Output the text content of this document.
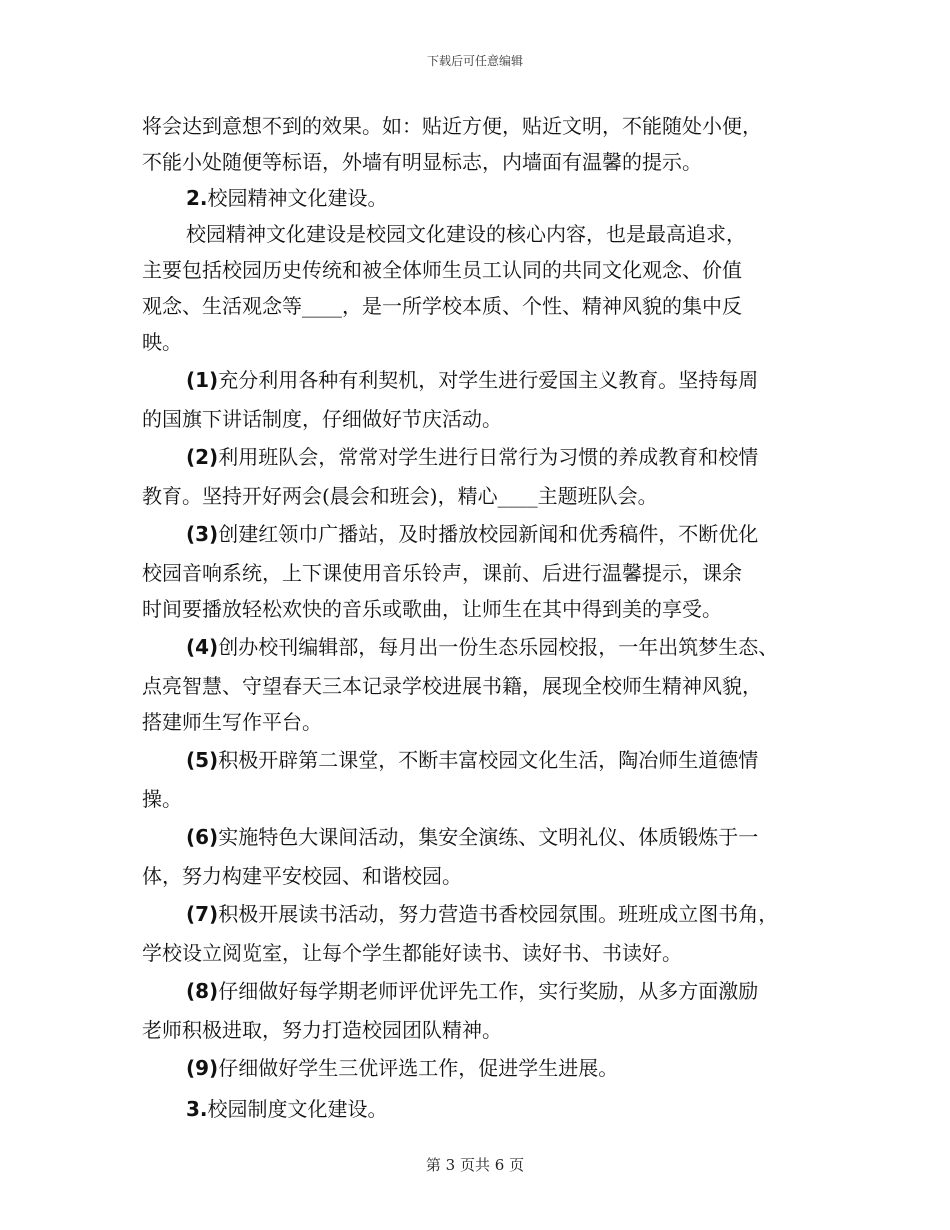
下载后可任意编辑
将会达到意想不到的效果。如：贴近方便，贴近文明，不能随处小便，
不能小处随便等标语，外墙有明显标志，内墙面有温馨的提示。
2.校园精神文化建设。
校园精神文化建设是校园文化建设的核心内容，也是最高追求，
主要包括校园历史传统和被全体师生员工认同的共同文化观念、价值
观念、生活观念等____，是一所学校本质、个性、精神风貌的集中反
映。
(1)充分利用各种有利契机，对学生进行爱国主义教育。坚持每周
的国旗下讲话制度，仔细做好节庆活动。
(2)利用班队会，常常对学生进行日常行为习惯的养成教育和校情
教育。坚持开好两会(晨会和班会)，精心____主题班队会。
(3)创建红领巾广播站，及时播放校园新闻和优秀稿件，不断优化
校园音响系统，上下课使用音乐铃声，课前、后进行温馨提示，课余
时间要播放轻松欢快的音乐或歌曲，让师生在其中得到美的享受。
(4)创办校刊编辑部，每月出一份生态乐园校报，一年出筑梦生态、
点亮智慧、守望春天三本记录学校进展书籍，展现全校师生精神风貌，
搭建师生写作平台。
(5)积极开辟第二课堂，不断丰富校园文化生活，陶冶师生道德情
操。
(6)实施特色大课间活动，集安全演练、文明礼仪、体质锻炼于一
体，努力构建平安校园、和谐校园。
(7)积极开展读书活动，努力营造书香校园氛围。班班成立图书角，
学校设立阅览室，让每个学生都能好读书、读好书、书读好。
(8)仔细做好每学期老师评优评先工作，实行奖励，从多方面激励
老师积极进取，努力打造校园团队精神。
(9)仔细做好学生三优评选工作，促进学生进展。
3.校园制度文化建设。
第 3 页共 6 页
